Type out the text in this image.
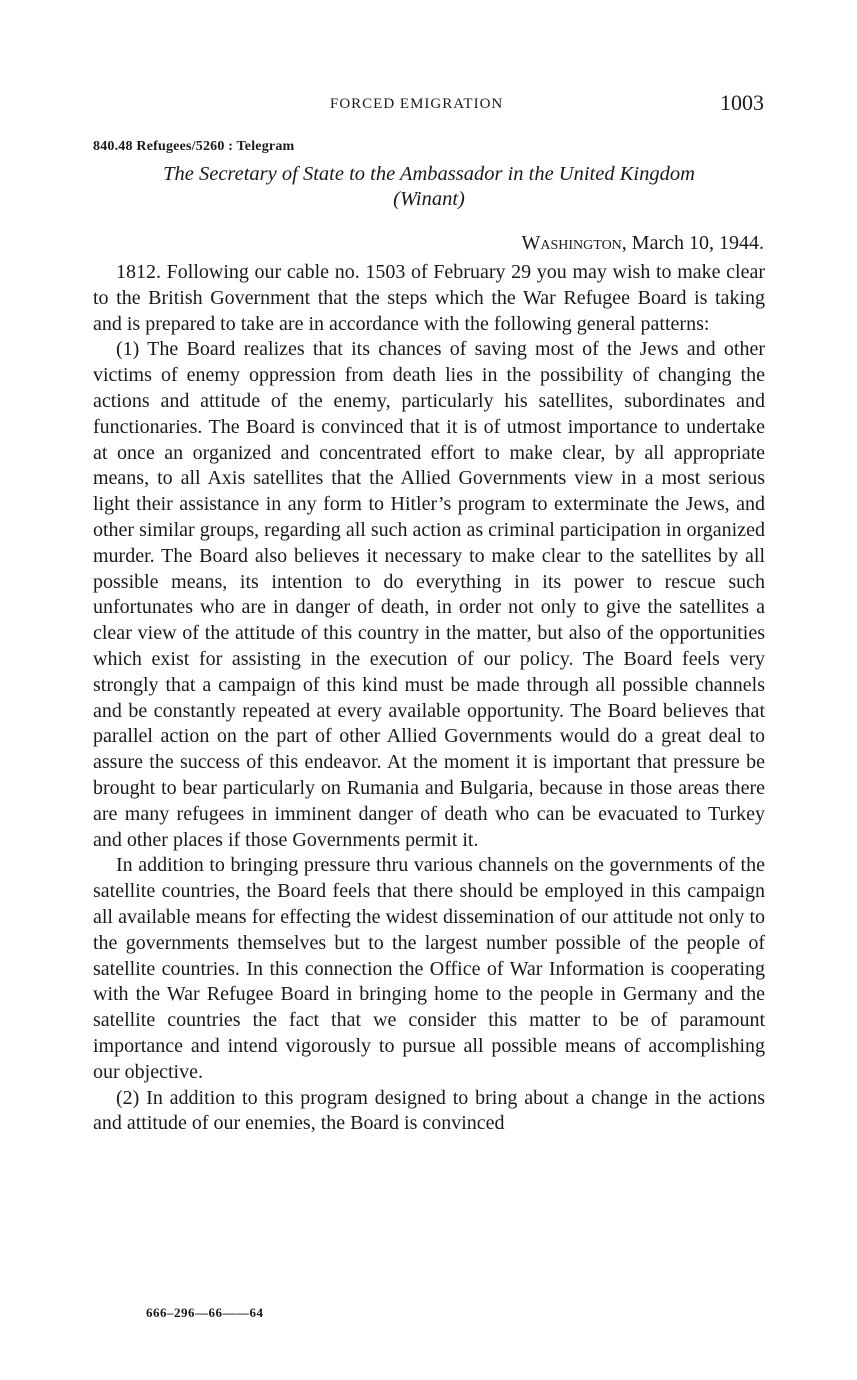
FORCED EMIGRATION	1003
840.48 Refugees/5260 : Telegram
The Secretary of State to the Ambassador in the United Kingdom
(Winant)
Washington, March 10, 1944.

1812. Following our cable no. 1503 of February 29 you may wish to make clear to the British Government that the steps which the War Refugee Board is taking and is prepared to take are in accordance with the following general patterns:

(1) The Board realizes that its chances of saving most of the Jews and other victims of enemy oppression from death lies in the possibility of changing the actions and attitude of the enemy, particularly his satellites, subordinates and functionaries. The Board is convinced that it is of utmost importance to undertake at once an organized and concentrated effort to make clear, by all appropriate means, to all Axis satellites that the Allied Governments view in a most serious light their assistance in any form to Hitler’s program to exterminate the Jews, and other similar groups, regarding all such action as criminal participation in organized murder. The Board also believes it necessary to make clear to the satellites by all possible means, its intention to do everything in its power to rescue such unfortunates who are in danger of death, in order not only to give the satellites a clear view of the attitude of this country in the matter, but also of the opportunities which exist for assisting in the execution of our policy. The Board feels very strongly that a campaign of this kind must be made through all possible channels and be constantly repeated at every available opportunity. The Board believes that parallel action on the part of other Allied Governments would do a great deal to assure the success of this endeavor. At the moment it is important that pressure be brought to bear particularly on Rumania and Bulgaria, because in those areas there are many refugees in imminent danger of death who can be evacuated to Turkey and other places if those Governments permit it.

In addition to bringing pressure thru various channels on the governments of the satellite countries, the Board feels that there should be employed in this campaign all available means for effecting the widest dissemination of our attitude not only to the governments themselves but to the largest number possible of the people of satellite countries. In this connection the Office of War Information is cooperating with the War Refugee Board in bringing home to the people in Germany and the satellite countries the fact that we consider this matter to be of paramount importance and intend vigorously to pursue all possible means of accomplishing our objective.

(2) In addition to this program designed to bring about a change in the actions and attitude of our enemies, the Board is convinced

666–296—66——64
